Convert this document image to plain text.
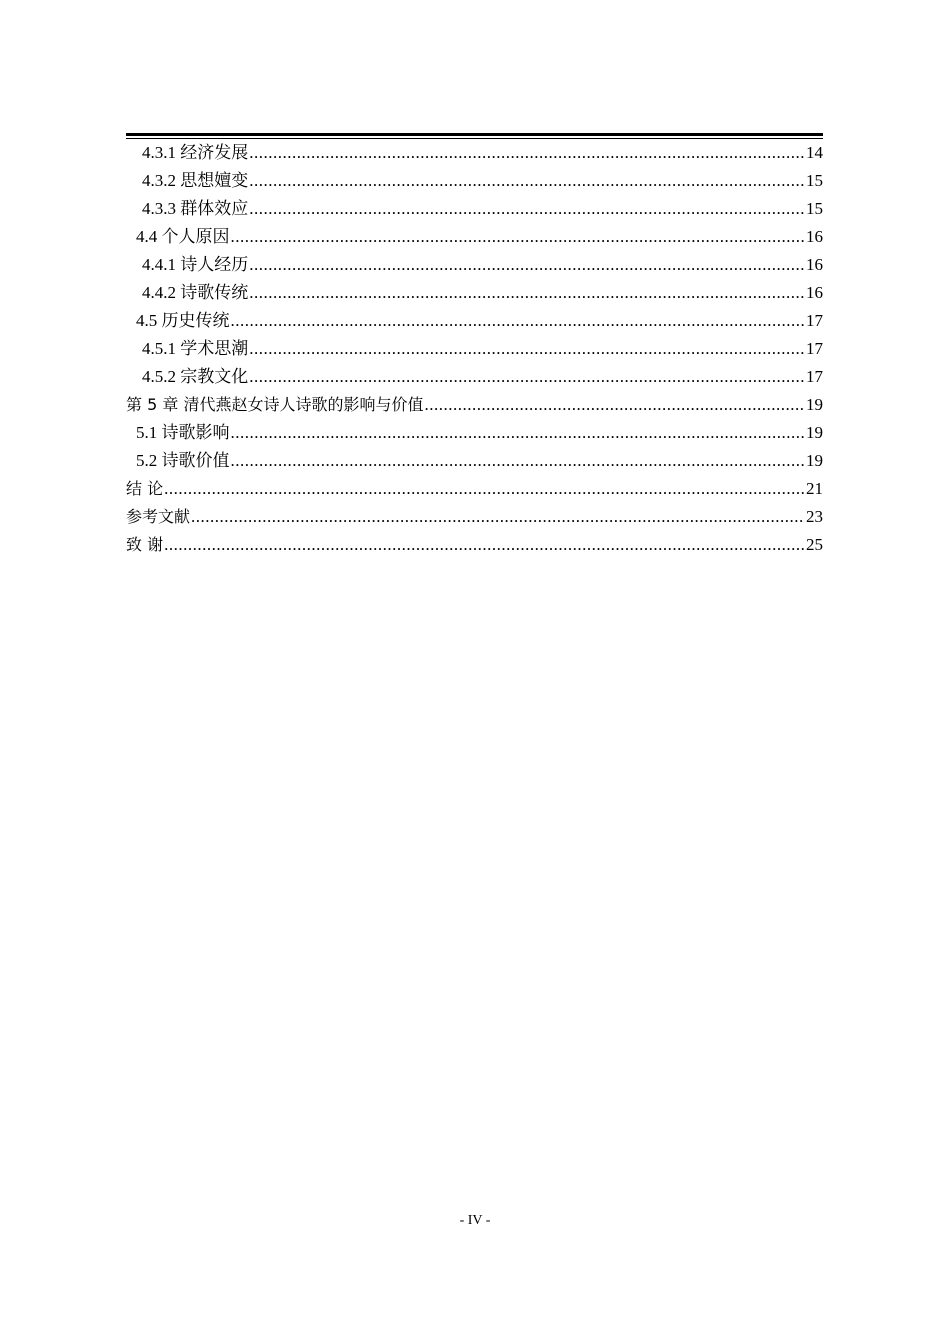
4.3.1 经济发展 .....	14
4.3.2 思想嬗变 .....	15
4.3.3 群体效应 .....	15
4.4 个人原因 .....	16
4.4.1 诗人经历 .....	16
4.4.2 诗歌传统 .....	16
4.5 历史传统 .....	17
4.5.1 学术思潮 .....	17
4.5.2 宗教文化 .....	17
第 5 章 清代燕赵女诗人诗歌的影响与价值 .....	19
5.1 诗歌影响 .....	19
5.2 诗歌价值 .....	19
结 论 .....	21
参考文献 .....	23
致 谢 .....	25
- IV -
